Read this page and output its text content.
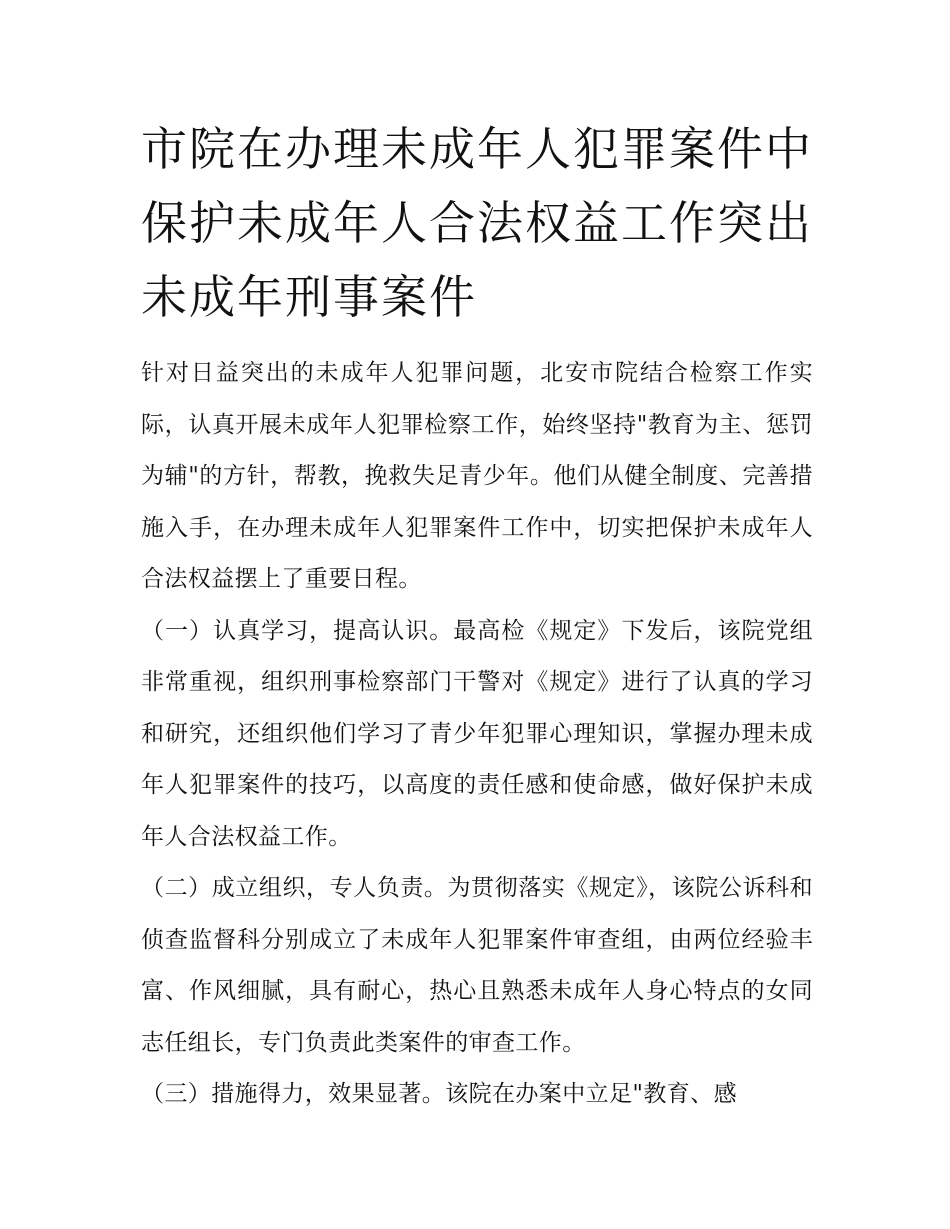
市院在办理未成年人犯罪案件中保护未成年人合法权益工作突出 未成年刑事案件

针对日益突出的未成年人犯罪问题，北安市院结合检察工作实际，认真开展未成年人犯罪检察工作，始终坚持"教育为主、惩罚为辅"的方针，帮教，挽救失足青少年。他们从健全制度、完善措施入手，在办理未成年人犯罪案件工作中，切实把保护未成年人合法权益摆上了重要日程。

（一）认真学习，提高认识。最高检《规定》下发后，该院党组非常重视，组织刑事检察部门干警对《规定》进行了认真的学习和研究，还组织他们学习了青少年犯罪心理知识，掌握办理未成年人犯罪案件的技巧，以高度的责任感和使命感，做好保护未成年人合法权益工作。

（二）成立组织，专人负责。为贯彻落实《规定》，该院公诉科和侦查监督科分别成立了未成年人犯罪案件审查组，由两位经验丰富、作风细腻，具有耐心，热心且熟悉未成年人身心特点的女同志任组长，专门负责此类案件的审查工作。

（三）措施得力，效果显著。该院在办案中立足"教育、感
